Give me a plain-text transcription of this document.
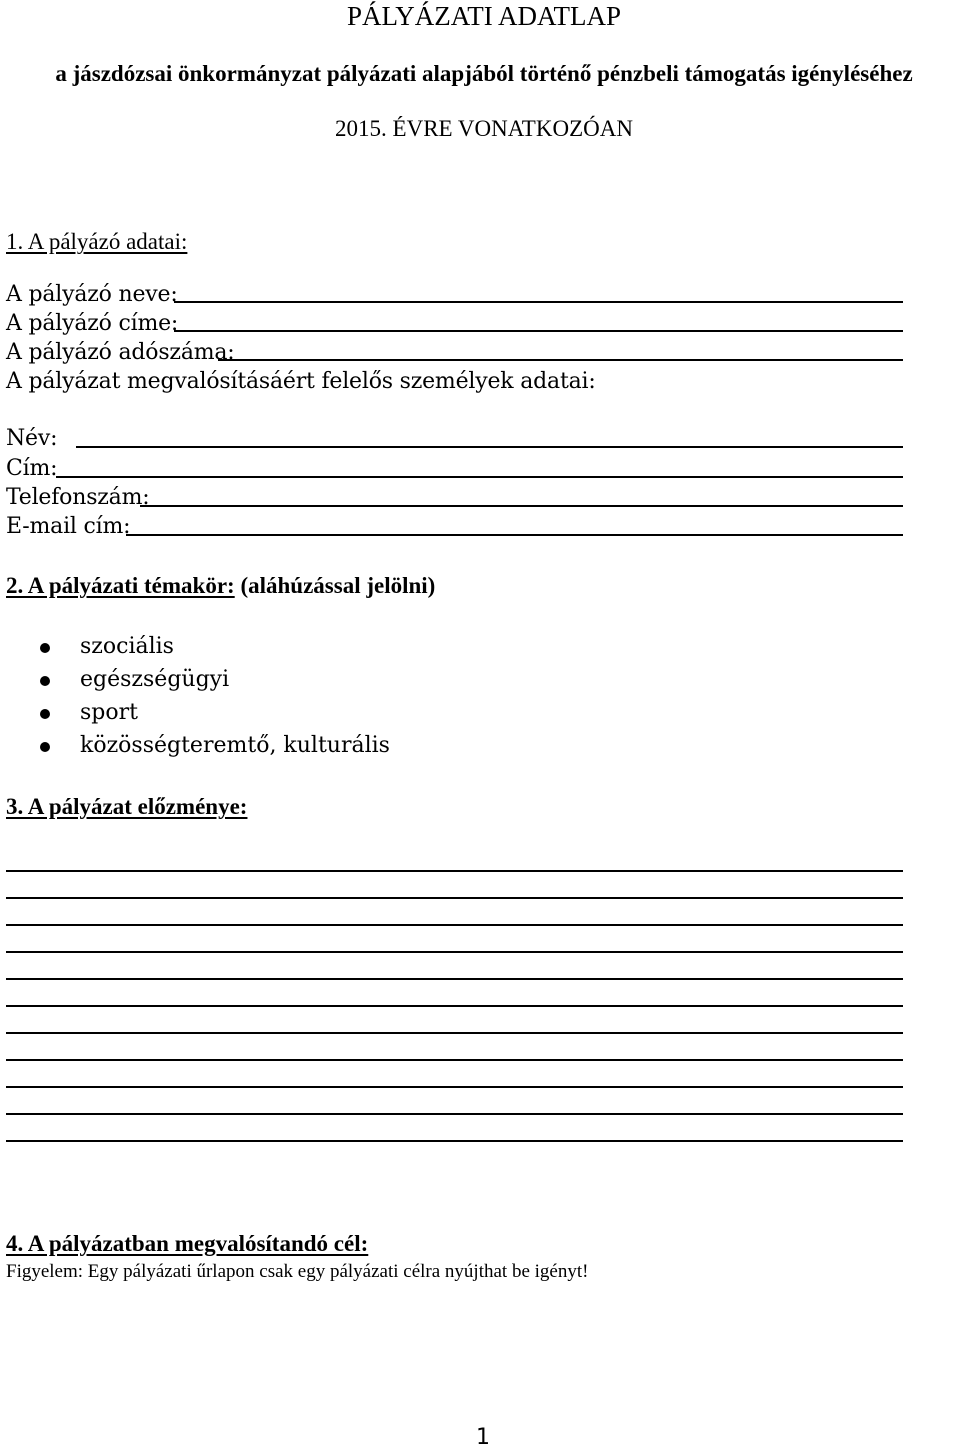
PÁLYÁZATI ADATLAP
a jászdózsai önkormányzat pályázati alapjából történő pénzbeli támogatás igényléséhez
2015. ÉVRE VONATKOZÓAN
1. A pályázó adatai:
A pályázó neve:
A pályázó címe:
A pályázó adószáma:
A pályázat megvalósításáért felelős személyek adatai:
Név:
Cím:
Telefonszám:
E-mail cím:
2. A pályázati témakör: (aláhúzással jelölni)
szociális
egészségügyi
sport
közösségteremtő, kulturális
3. A pályázat előzménye:
4. A pályázatban megvalósítandó cél:
Figyelem: Egy pályázati űrlapon csak egy pályázati célra nyújthat be igényt!
1
